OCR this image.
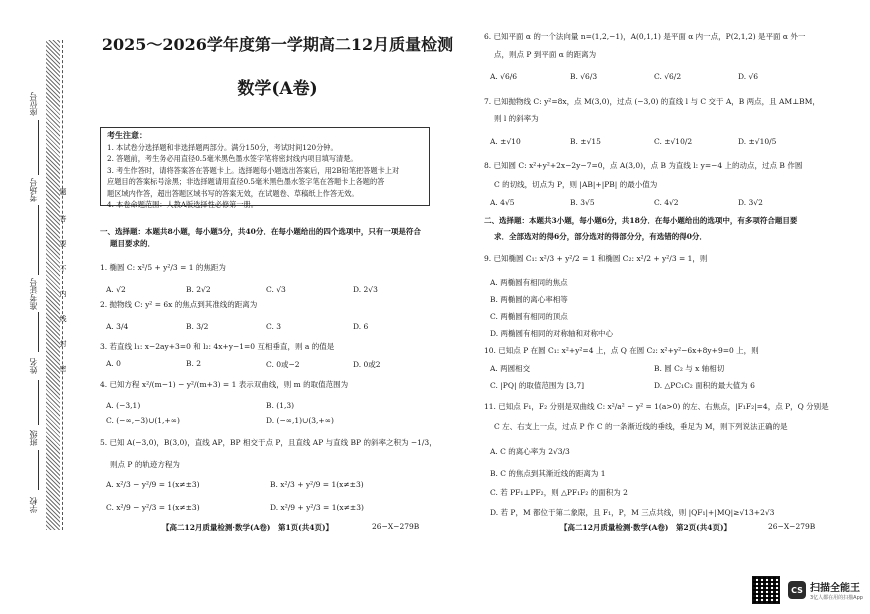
座位号
考场号
准考证号
姓名
班级
学校
题
答
要
不
内
线
封
密
2025～2026学年度第一学期高二12月质量检测
数学(A卷)
考生注意：
1. 本试卷分选择题和非选择题两部分。满分150分，考试时间120分钟。
2. 答题前，考生务必用直径0.5毫米黑色墨水签字笔将密封线内项目填写清楚。
3. 考生作答时，请将答案答在答题卡上。选择题每小题选出答案后，用2B铅笔把答题卡上对
应题目的答案标号涂黑；非选择题请用直径0.5毫米黑色墨水签字笔在答题卡上各题的答
题区域内作答，超出答题区域书写的答案无效，在试题卷、草稿纸上作答无效。
4. 本卷命题范围：人教A版选择性必修第一册。
一、选择题：本题共8小题，每小题5分，共40分．在每小题给出的四个选项中，只有一项是符合
题目要求的．
1. 椭圆 C: x²/5 + y²/3 = 1 的焦距为
A. √2	B. 2√2	C. √3	D. 2√3
2. 抛物线 C: y² = 6x 的焦点到其准线的距离为
A. 3/4	B. 3/2	C. 3	D. 6
3. 若直线 l₁: x−2ay+3=0 和 l₂: 4x+y−1=0 互相垂直，则 a 的值是
A. 0	B. 2	C. 0或−2	D. 0或2
4. 已知方程 x²/(m−1) − y²/(m+3) = 1 表示双曲线，则 m 的取值范围为
A. (−3,1)	B. (1,3)
C. (−∞,−3)∪(1,+∞)	D. (−∞,1)∪(3,+∞)
5. 已知 A(−3,0)，B(3,0)，直线 AP，BP 相交于点 P，且直线 AP 与直线 BP 的斜率之积为 −1/3，
则点 P 的轨迹方程为
A. x²/3 − y²/9 = 1(x≠±3)	B. x²/3 + y²/9 = 1(x≠±3)
C. x²/9 − y²/3 = 1(x≠±3)	D. x²/9 + y²/3 = 1(x≠±3)
【高二12月质量检测·数学(A卷)　第1页(共4页)】	26−X−279B
6. 已知平面 α 的一个法向量 n=(1,2,−1)，A(0,1,1) 是平面 α 内一点，P(2,1,2) 是平面 α 外一
点，则点 P 到平面 α 的距离为
A. √6/6	B. √6/3	C. √6/2	D. √6
7. 已知抛物线 C: y²=8x，点 M(3,0)，过点 (−3,0) 的直线 l 与 C 交于 A，B 两点，且 AM⊥BM，
则 l 的斜率为
A. ±√10	B. ±√15	C. ±√10/2	D. ±√10/5
8. 已知圆 C: x²+y²+2x−2y−7=0，点 A(3,0)，点 B 为直线 l: y=−4 上的动点，过点 B 作圆
C 的切线，切点为 P，则 |AB|+|PB| 的最小值为
A. 4√5	B. 3√5	C. 4√2	D. 3√2
二、选择题：本题共3小题，每小题6分，共18分．在每小题给出的选项中，有多项符合题目要
求．全部选对的得6分，部分选对的得部分分，有选错的得0分．
9. 已知椭圆 C₁: x²/3 + y²/2 = 1 和椭圆 C₂: x²/2 + y²/3 = 1，则
A. 两椭圆有相同的焦点
B. 两椭圆的离心率相等
C. 两椭圆有相同的顶点
D. 两椭圆有相同的对称轴和对称中心
10. 已知点 P 在圆 C₁: x²+y²=4 上，点 Q 在圆 C₂: x²+y²−6x+8y+9=0 上，则
A. 两圆相交	B. 圆 C₂ 与 x 轴相切
C. |PQ| 的取值范围为 [3,7]	D. △PC₁C₂ 面积的最大值为 6
11. 已知点 F₁，F₂ 分别是双曲线 C: x²/a² − y² = 1(a>0) 的左、右焦点，|F₁F₂|=4，点 P，Q 分别是
C 左、右支上一点，过点 P 作 C 的一条渐近线的垂线，垂足为 M，则下列说法正确的是
A. C 的离心率为 2√3/3
B. C 的焦点到其渐近线的距离为 1
C. 若 PF₁⊥PF₂，则 △PF₁F₂ 的面积为 2
D. 若 P，M 都位于第二象限，且 F₁，P，M 三点共线，则 |QF₁|+|MQ|≥√13+2√3
【高二12月质量检测·数学(A卷)　第2页(共4页)】	26−X−279B
CS 扫描全能王
3亿人都在用的扫描App
